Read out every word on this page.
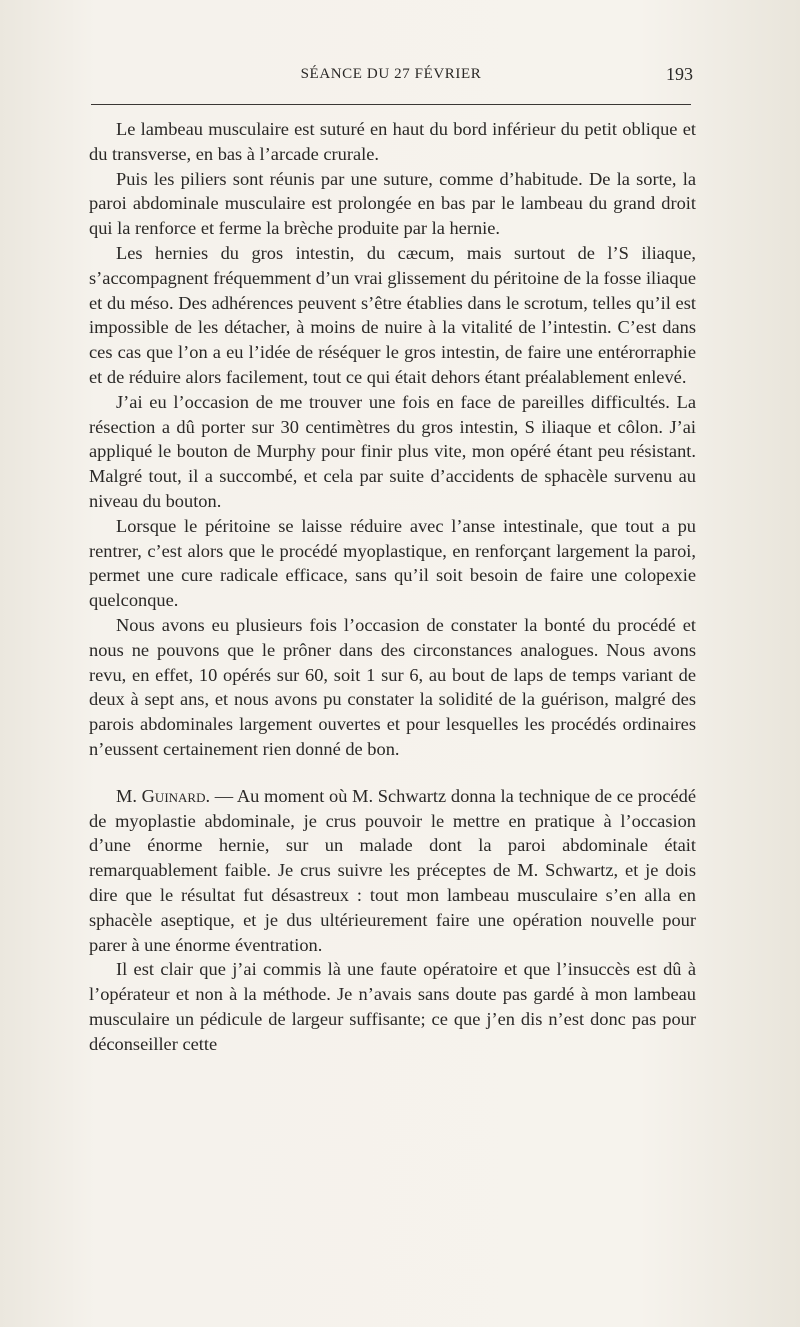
SÉANCE DU 27 FÉVRIER	193

Le lambeau musculaire est suturé en haut du bord inférieur du petit oblique et du transverse, en bas à l’arcade crurale.

Puis les piliers sont réunis par une suture, comme d’habitude. De la sorte, la paroi abdominale musculaire est prolongée en bas par le lambeau du grand droit qui la renforce et ferme la brèche produite par la hernie.

Les hernies du gros intestin, du cæcum, mais surtout de l’S iliaque, s’accompagnent fréquemment d’un vrai glissement du péritoine de la fosse iliaque et du méso. Des adhérences peuvent s’être établies dans le scrotum, telles qu’il est impossible de les détacher, à moins de nuire à la vitalité de l’intestin. C’est dans ces cas que l’on a eu l’idée de réséquer le gros intestin, de faire une entérorraphie et de réduire alors facilement, tout ce qui était dehors étant préalablement enlevé.

J’ai eu l’occasion de me trouver une fois en face de pareilles difficultés. La résection a dû porter sur 30 centimètres du gros intestin, S iliaque et côlon. J’ai appliqué le bouton de Murphy pour finir plus vite, mon opéré étant peu résistant. Malgré tout, il a succombé, et cela par suite d’accidents de sphacèle survenu au niveau du bouton.

Lorsque le péritoine se laisse réduire avec l’anse intestinale, que tout a pu rentrer, c’est alors que le procédé myoplastique, en renforçant largement la paroi, permet une cure radicale efficace, sans qu’il soit besoin de faire une colopexie quelconque.

Nous avons eu plusieurs fois l’occasion de constater la bonté du procédé et nous ne pouvons que le prôner dans des circonstances analogues. Nous avons revu, en effet, 10 opérés sur 60, soit 1 sur 6, au bout de laps de temps variant de deux à sept ans, et nous avons pu constater la solidité de la guérison, malgré des parois abdominales largement ouvertes et pour lesquelles les procédés ordinaires n’eussent certainement rien donné de bon.

M. Guinard. — Au moment où M. Schwartz donna la technique de ce procédé de myoplastie abdominale, je crus pouvoir le mettre en pratique à l’occasion d’une énorme hernie, sur un malade dont la paroi abdominale était remarquablement faible. Je crus suivre les préceptes de M. Schwartz, et je dois dire que le résultat fut désastreux : tout mon lambeau musculaire s’en alla en sphacèle aseptique, et je dus ultérieurement faire une opération nouvelle pour parer à une énorme éventration.

Il est clair que j’ai commis là une faute opératoire et que l’insuccès est dû à l’opérateur et non à la méthode. Je n’avais sans doute pas gardé à mon lambeau musculaire un pédicule de largeur suffisante; ce que j’en dis n’est donc pas pour déconseiller cette
